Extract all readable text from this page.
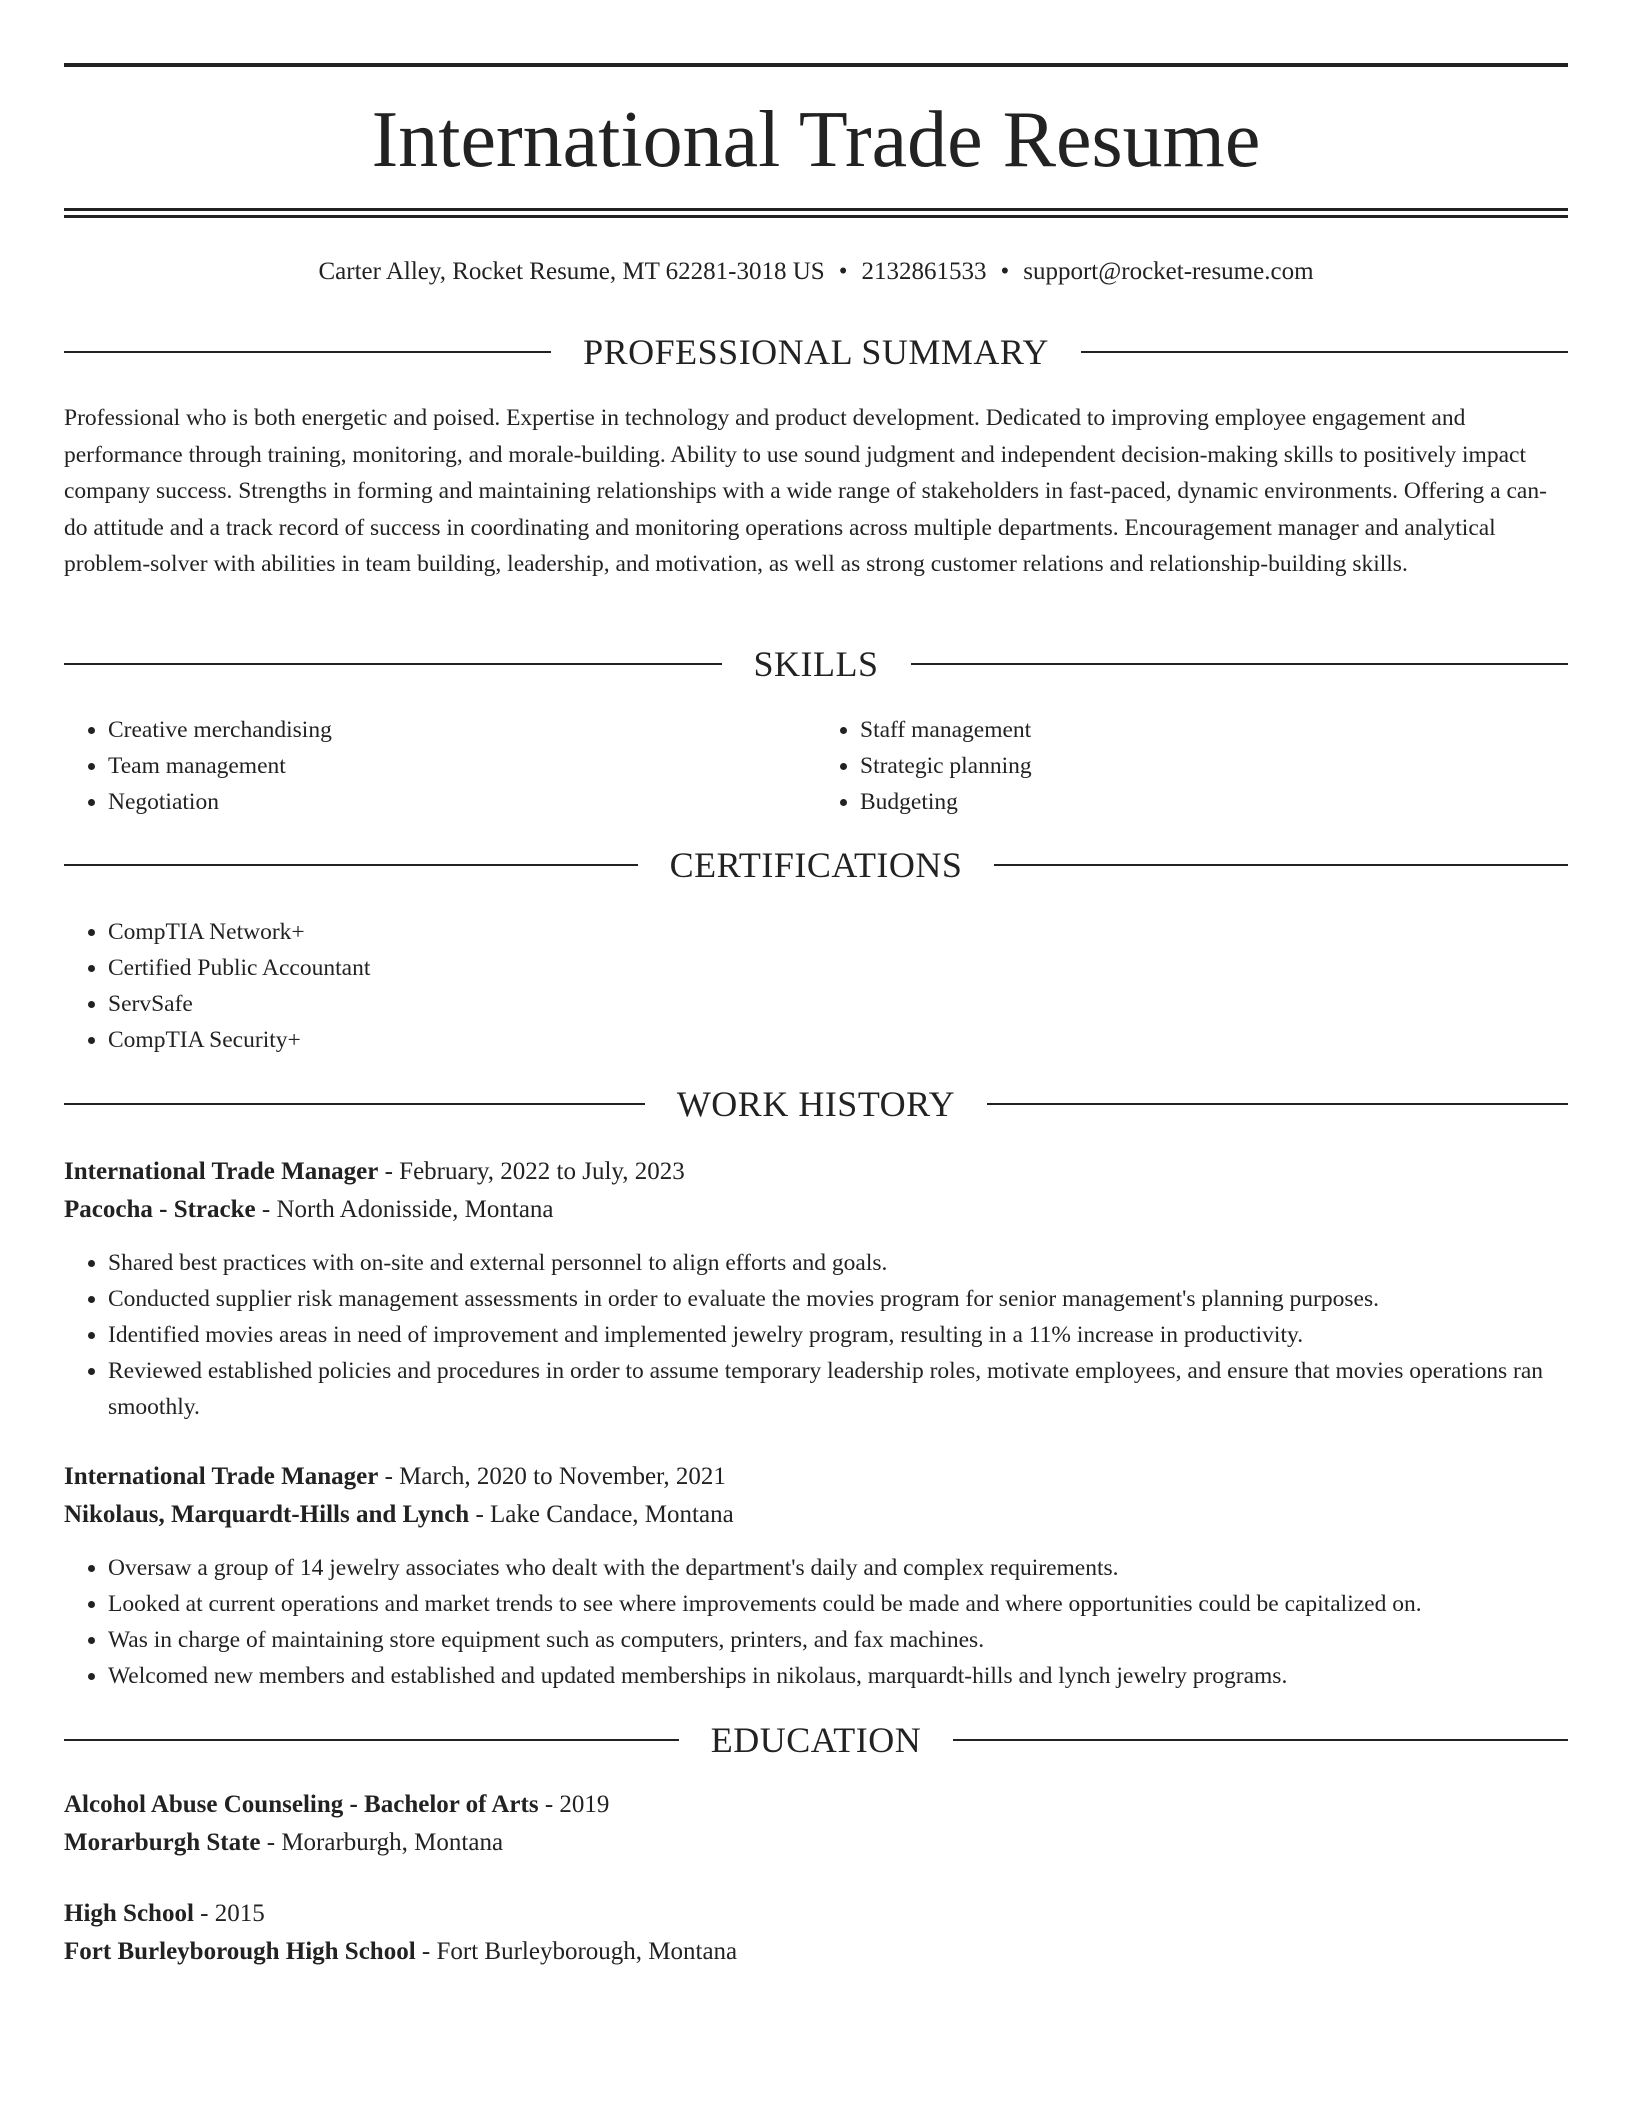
International Trade Resume
Carter Alley, Rocket Resume, MT 62281-3018 US • 2132861533 • support@rocket-resume.com
PROFESSIONAL SUMMARY

Professional who is both energetic and poised. Expertise in technology and product development. Dedicated to improving employee engagement and performance through training, monitoring, and morale-building. Ability to use sound judgment and independent decision-making skills to positively impact company success. Strengths in forming and maintaining relationships with a wide range of stakeholders in fast-paced, dynamic environments. Offering a can-do attitude and a track record of success in coordinating and monitoring operations across multiple departments. Encouragement manager and analytical problem-solver with abilities in team building, leadership, and motivation, as well as strong customer relations and relationship-building skills.

SKILLS
• Creative merchandising
• Team management
• Negotiation
• Staff management
• Strategic planning
• Budgeting
CERTIFICATIONS
• CompTIA Network+
• Certified Public Accountant
• ServSafe
• CompTIA Security+
WORK HISTORY
International Trade Manager - February, 2022 to July, 2023
Pacocha - Stracke - North Adonisside, Montana
• Shared best practices with on-site and external personnel to align efforts and goals.
• Conducted supplier risk management assessments in order to evaluate the movies program for senior management's planning purposes.
• Identified movies areas in need of improvement and implemented jewelry program, resulting in a 11% increase in productivity.
• Reviewed established policies and procedures in order to assume temporary leadership roles, motivate employees, and ensure that movies operations ran smoothly.
International Trade Manager - March, 2020 to November, 2021
Nikolaus, Marquardt-Hills and Lynch - Lake Candace, Montana
• Oversaw a group of 14 jewelry associates who dealt with the department's daily and complex requirements.
• Looked at current operations and market trends to see where improvements could be made and where opportunities could be capitalized on.
• Was in charge of maintaining store equipment such as computers, printers, and fax machines.
• Welcomed new members and established and updated memberships in nikolaus, marquardt-hills and lynch jewelry programs.
EDUCATION
Alcohol Abuse Counseling - Bachelor of Arts - 2019
Morarburgh State - Morarburgh, Montana
High School - 2015
Fort Burleyborough High School - Fort Burleyborough, Montana
